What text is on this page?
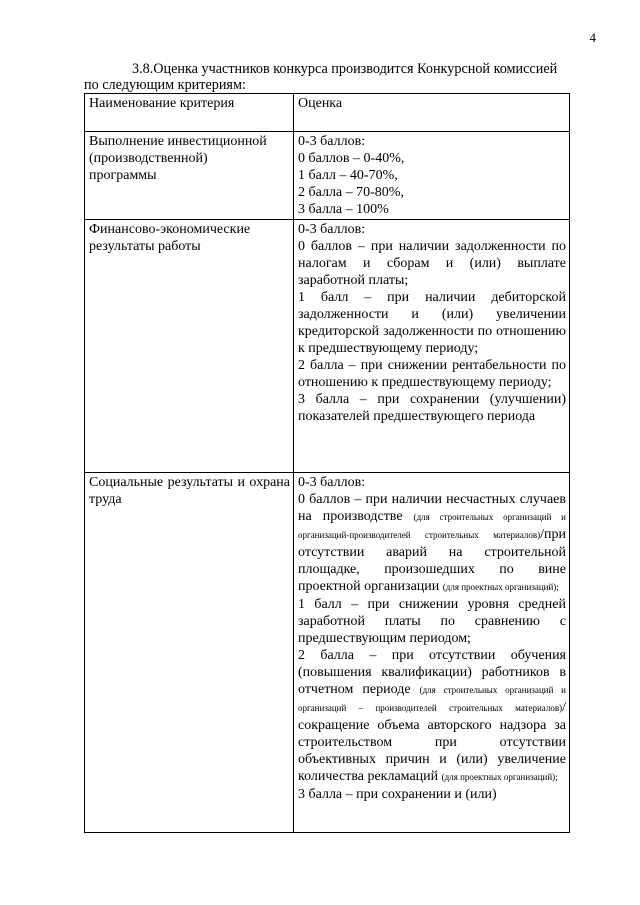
4

3.8.Оценка участников конкурса производится Конкурсной комиссией

по следующим критериям:

Наименование критерия	Оценка

Выполнение инвестиционной
(производственной)
программы	0-3 баллов:
0 баллов – 0-40%,
1 балл – 40-70%,
2 балла – 70-80%,
3 балла – 100%

Финансово-экономические
результаты работы	0-3 баллов:
0 баллов – при наличии задолженности по налогам и сборам и (или) выплате заработной платы;
1 балл – при наличии дебиторской задолженности и (или) увеличении кредиторской задолженности по отношению к предшествующему периоду;
2 балла – при снижении рентабельности по отношению к предшествующему периоду;
3 балла – при сохранении (улучшении) показателей предшествующего периода

Социальные результаты и охрана труда	0-3 баллов:
0 баллов – при наличии несчастных случаев на производстве (для строительных организаций и организаций-производителей строительных материалов)/при отсутствии аварий на строительной площадке, произошедших по вине проектной организации (для проектных организаций);
1 балл – при снижении уровня средней заработной платы по сравнению с предшествующим периодом;
2 балла – при отсутствии обучения (повышения квалификации) работников в отчетном периоде (для строительных организаций и организаций – производителей строительных материалов)/ сокращение объема авторского надзора за строительством при отсутствии объективных причин и (или) увеличение количества рекламаций (для проектных организаций);
3 балла – при сохранении и (или)
